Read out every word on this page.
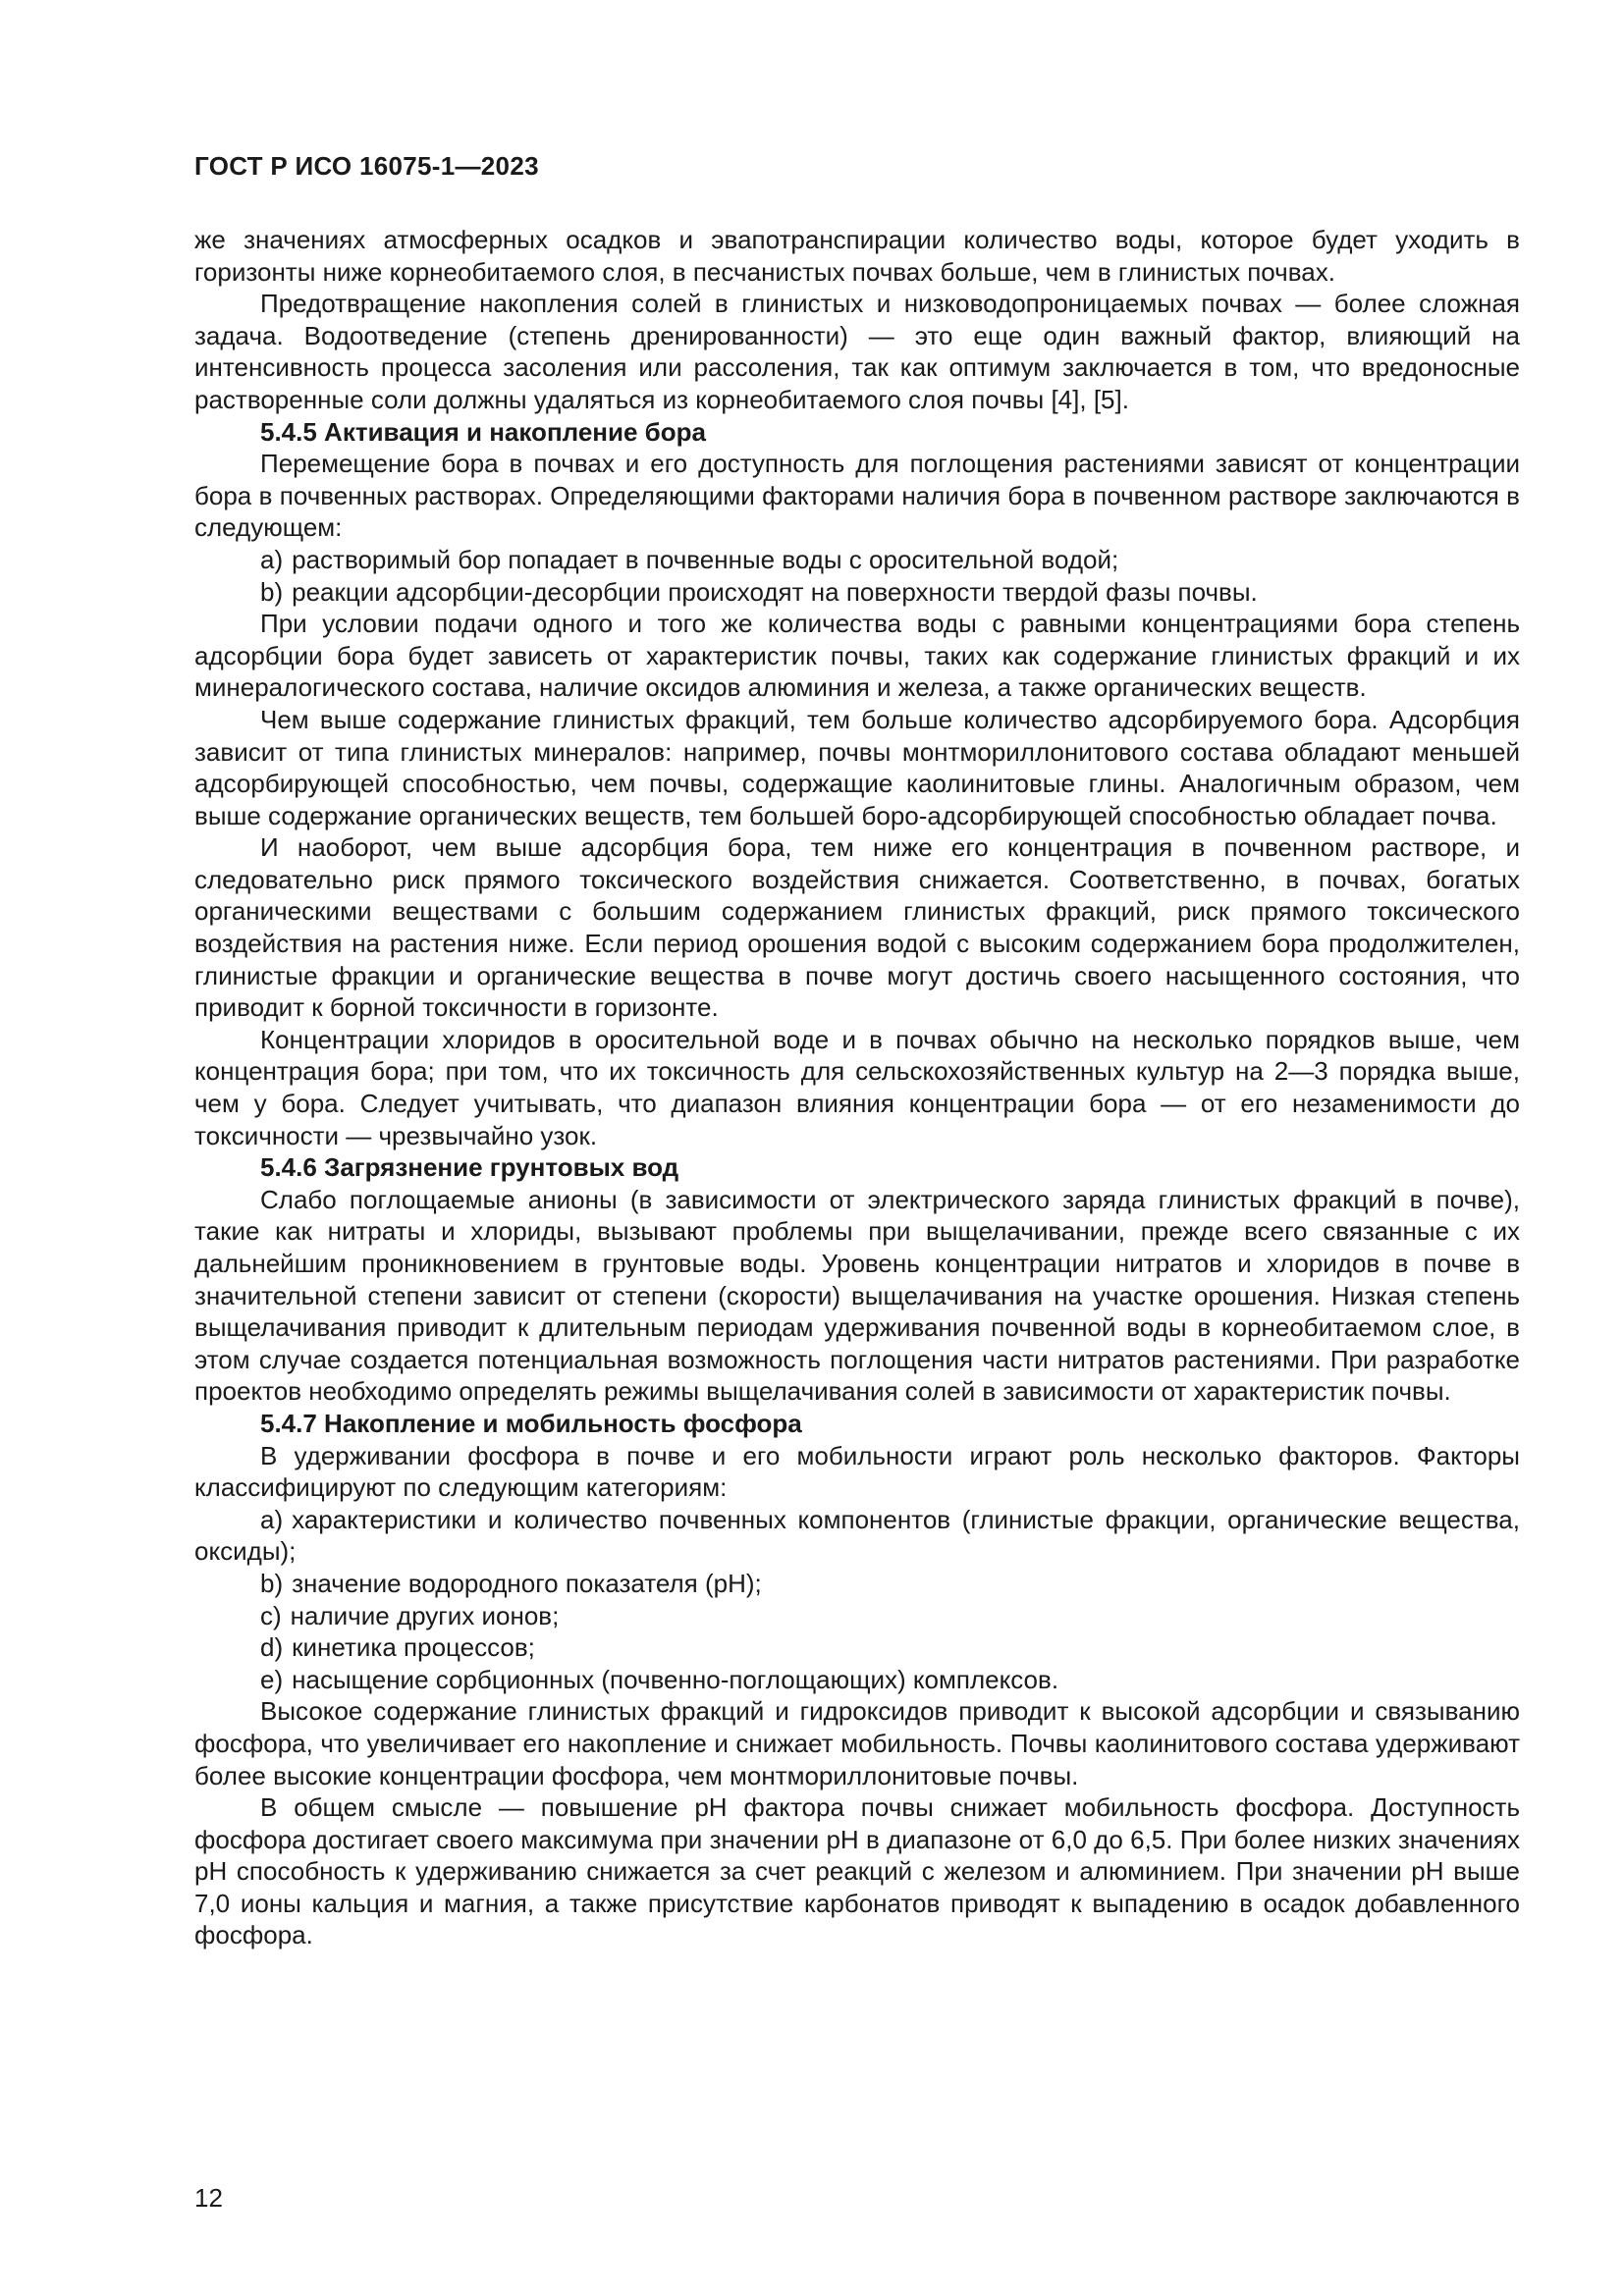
ГОСТ Р ИСО 16075-1—2023

же значениях атмосферных осадков и эвапотранспирации количество воды, которое будет уходить в горизонты ниже корнеобитаемого слоя, в песчанистых почвах больше, чем в глинистых почвах.

Предотвращение накопления солей в глинистых и низководопроницаемых почвах — более сложная задача. Водоотведение (степень дренированности) — это еще один важный фактор, влияющий на интенсивность процесса засоления или рассоления, так как оптимум заключается в том, что вредоносные растворенные соли должны удаляться из корнеобитаемого слоя почвы [4], [5].

5.4.5 Активация и накопление бора

Перемещение бора в почвах и его доступность для поглощения растениями зависят от концентрации бора в почвенных растворах. Определяющими факторами наличия бора в почвенном растворе заключаются в следующем:

a) растворимый бор попадает в почвенные воды с оросительной водой;
b) реакции адсорбции-десорбции происходят на поверхности твердой фазы почвы.

При условии подачи одного и того же количества воды с равными концентрациями бора степень адсорбции бора будет зависеть от характеристик почвы, таких как содержание глинистых фракций и их минералогического состава, наличие оксидов алюминия и железа, а также органических веществ.

Чем выше содержание глинистых фракций, тем больше количество адсорбируемого бора. Адсорбция зависит от типа глинистых минералов: например, почвы монтмориллонитового состава обладают меньшей адсорбирующей способностью, чем почвы, содержащие каолинитовые глины. Аналогичным образом, чем выше содержание органических веществ, тем большей боро-адсорбирующей способностью обладает почва.

И наоборот, чем выше адсорбция бора, тем ниже его концентрация в почвенном растворе, и следовательно риск прямого токсического воздействия снижается. Соответственно, в почвах, богатых органическими веществами с большим содержанием глинистых фракций, риск прямого токсического воздействия на растения ниже. Если период орошения водой с высоким содержанием бора продолжителен, глинистые фракции и органические вещества в почве могут достичь своего насыщенного состояния, что приводит к борной токсичности в горизонте.

Концентрации хлоридов в оросительной воде и в почвах обычно на несколько порядков выше, чем концентрация бора; при том, что их токсичность для сельскохозяйственных культур на 2—3 порядка выше, чем у бора. Следует учитывать, что диапазон влияния концентрации бора — от его незаменимости до токсичности — чрезвычайно узок.

5.4.6 Загрязнение грунтовых вод

Слабо поглощаемые анионы (в зависимости от электрического заряда глинистых фракций в почве), такие как нитраты и хлориды, вызывают проблемы при выщелачивании, прежде всего связанные с их дальнейшим проникновением в грунтовые воды. Уровень концентрации нитратов и хлоридов в почве в значительной степени зависит от степени (скорости) выщелачивания на участке орошения. Низкая степень выщелачивания приводит к длительным периодам удерживания почвенной воды в корнеобитаемом слое, в этом случае создается потенциальная возможность поглощения части нитратов растениями. При разработке проектов необходимо определять режимы выщелачивания солей в зависимости от характеристик почвы.

5.4.7 Накопление и мобильность фосфора

В удерживании фосфора в почве и его мобильности играют роль несколько факторов. Факторы классифицируют по следующим категориям:

a) характеристики и количество почвенных компонентов (глинистые фракции, органические вещества, оксиды);
b) значение водородного показателя (pH);
c) наличие других ионов;
d) кинетика процессов;
e) насыщение сорбционных (почвенно-поглощающих) комплексов.

Высокое содержание глинистых фракций и гидроксидов приводит к высокой адсорбции и связыванию фосфора, что увеличивает его накопление и снижает мобильность. Почвы каолинитового состава удерживают более высокие концентрации фосфора, чем монтмориллонитовые почвы.

В общем смысле — повышение pH фактора почвы снижает мобильность фосфора. Доступность фосфора достигает своего максимума при значении pH в диапазоне от 6,0 до 6,5. При более низких значениях pH способность к удерживанию снижается за счет реакций с железом и алюминием. При значении pH выше 7,0 ионы кальция и магния, а также присутствие карбонатов приводят к выпадению в осадок добавленного фосфора.

12
